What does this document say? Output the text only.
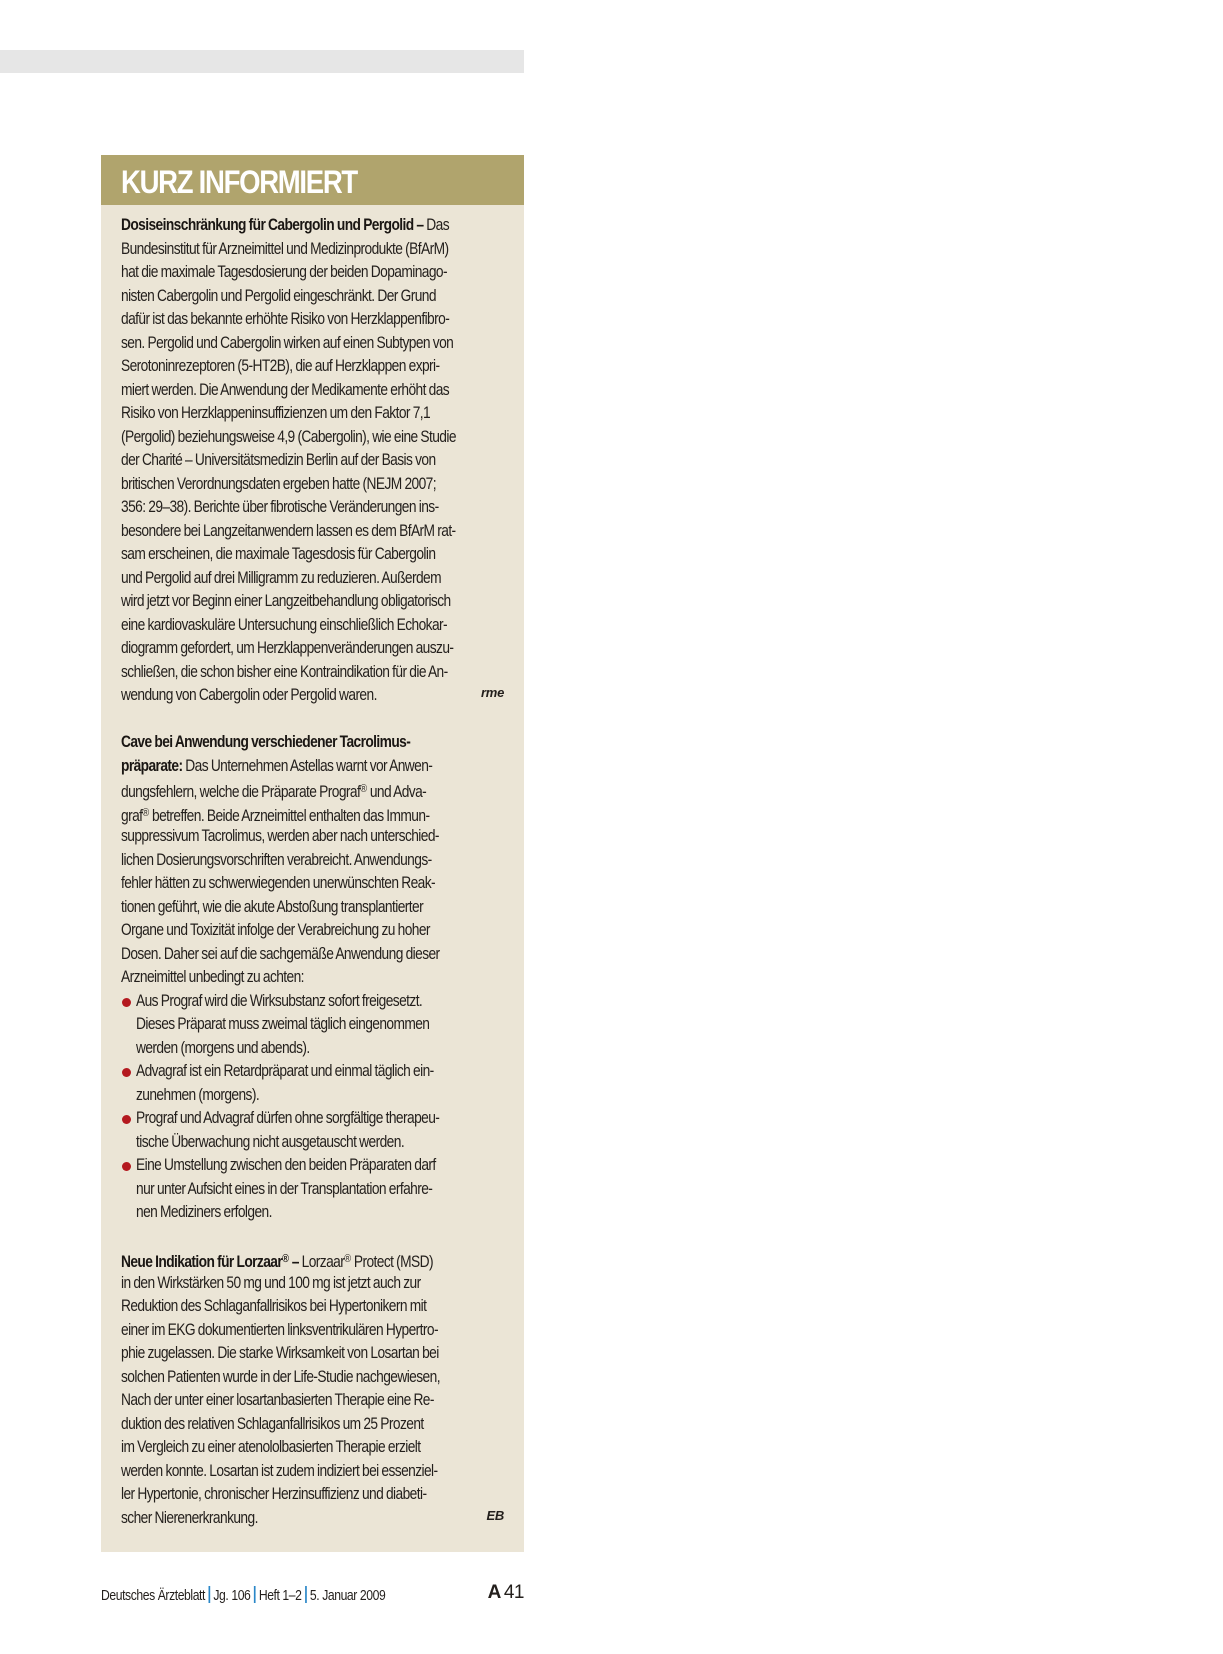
KURZ INFORMIERT
Dosiseinschränkung für Cabergolin und Pergolid – Das
Bundesinstitut für Arzneimittel und Medizinprodukte (BfArM)
hat die maximale Tagesdosierung der beiden Dopaminago-
nisten Cabergolin und Pergolid eingeschränkt. Der Grund
dafür ist das bekannte erhöhte Risiko von Herzklappenfibro-
sen. Pergolid und Cabergolin wirken auf einen Subtypen von
Serotoninrezeptoren (5-HT2B), die auf Herzklappen expri-
miert werden. Die Anwendung der Medikamente erhöht das
Risiko von Herzklappeninsuffizienzen um den Faktor 7,1
(Pergolid) beziehungsweise 4,9 (Cabergolin), wie eine Studie
der Charité – Universitätsmedizin Berlin auf der Basis von
britischen Verordnungsdaten ergeben hatte (NEJM 2007;
356: 29–38). Berichte über fibrotische Veränderungen ins-
besondere bei Langzeitanwendern lassen es dem BfArM rat-
sam erscheinen, die maximale Tagesdosis für Cabergolin
und Pergolid auf drei Milligramm zu reduzieren. Außerdem
wird jetzt vor Beginn einer Langzeitbehandlung obligatorisch
eine kardiovaskuläre Untersuchung einschließlich Echokar-
diogramm gefordert, um Herzklappenveränderungen auszu-
schließen, die schon bisher eine Kontraindikation für die An-
wendung von Cabergolin oder Pergolid waren.	rme
Cave bei Anwendung verschiedener Tacrolimus-
präparate: Das Unternehmen Astellas warnt vor Anwen-
dungsfehlern, welche die Präparate Prograf® und Adva-
graf® betreffen. Beide Arzneimittel enthalten das Immun-
suppressivum Tacrolimus, werden aber nach unterschied-
lichen Dosierungsvorschriften verabreicht. Anwendungs-
fehler hätten zu schwerwiegenden unerwünschten Reak-
tionen geführt, wie die akute Abstoßung transplantierter
Organe und Toxizität infolge der Verabreichung zu hoher
Dosen. Daher sei auf die sachgemäße Anwendung dieser
Arzneimittel unbedingt zu achten:
Aus Prograf wird die Wirksubstanz sofort freigesetzt.
Dieses Präparat muss zweimal täglich eingenommen
werden (morgens und abends).
Advagraf ist ein Retardpräparat und einmal täglich ein-
zunehmen (morgens).
Prograf und Advagraf dürfen ohne sorgfältige therapeu-
tische Überwachung nicht ausgetauscht werden.
Eine Umstellung zwischen den beiden Präparaten darf
nur unter Aufsicht eines in der Transplantation erfahre-
nen Mediziners erfolgen.
Neue Indikation für Lorzaar® – Lorzaar® Protect (MSD)
in den Wirkstärken 50 mg und 100 mg ist jetzt auch zur
Reduktion des Schlaganfallrisikos bei Hypertonikern mit
einer im EKG dokumentierten linksventrikulären Hypertro-
phie zugelassen. Die starke Wirksamkeit von Losartan bei
solchen Patienten wurde in der Life-Studie nachgewiesen,
Nach der unter einer losartanbasierten Therapie eine Re-
duktion des relativen Schlaganfallrisikos um 25 Prozent
im Vergleich zu einer atenololbasierten Therapie erzielt
werden konnte. Losartan ist zudem indiziert bei essenziel-
ler Hypertonie, chronischer Herzinsuffizienz und diabeti-
scher Nierenerkrankung.	EB
Deutsches Ärzteblatt Jg. 106 Heft 1–2 5. Januar 2009	A 41
